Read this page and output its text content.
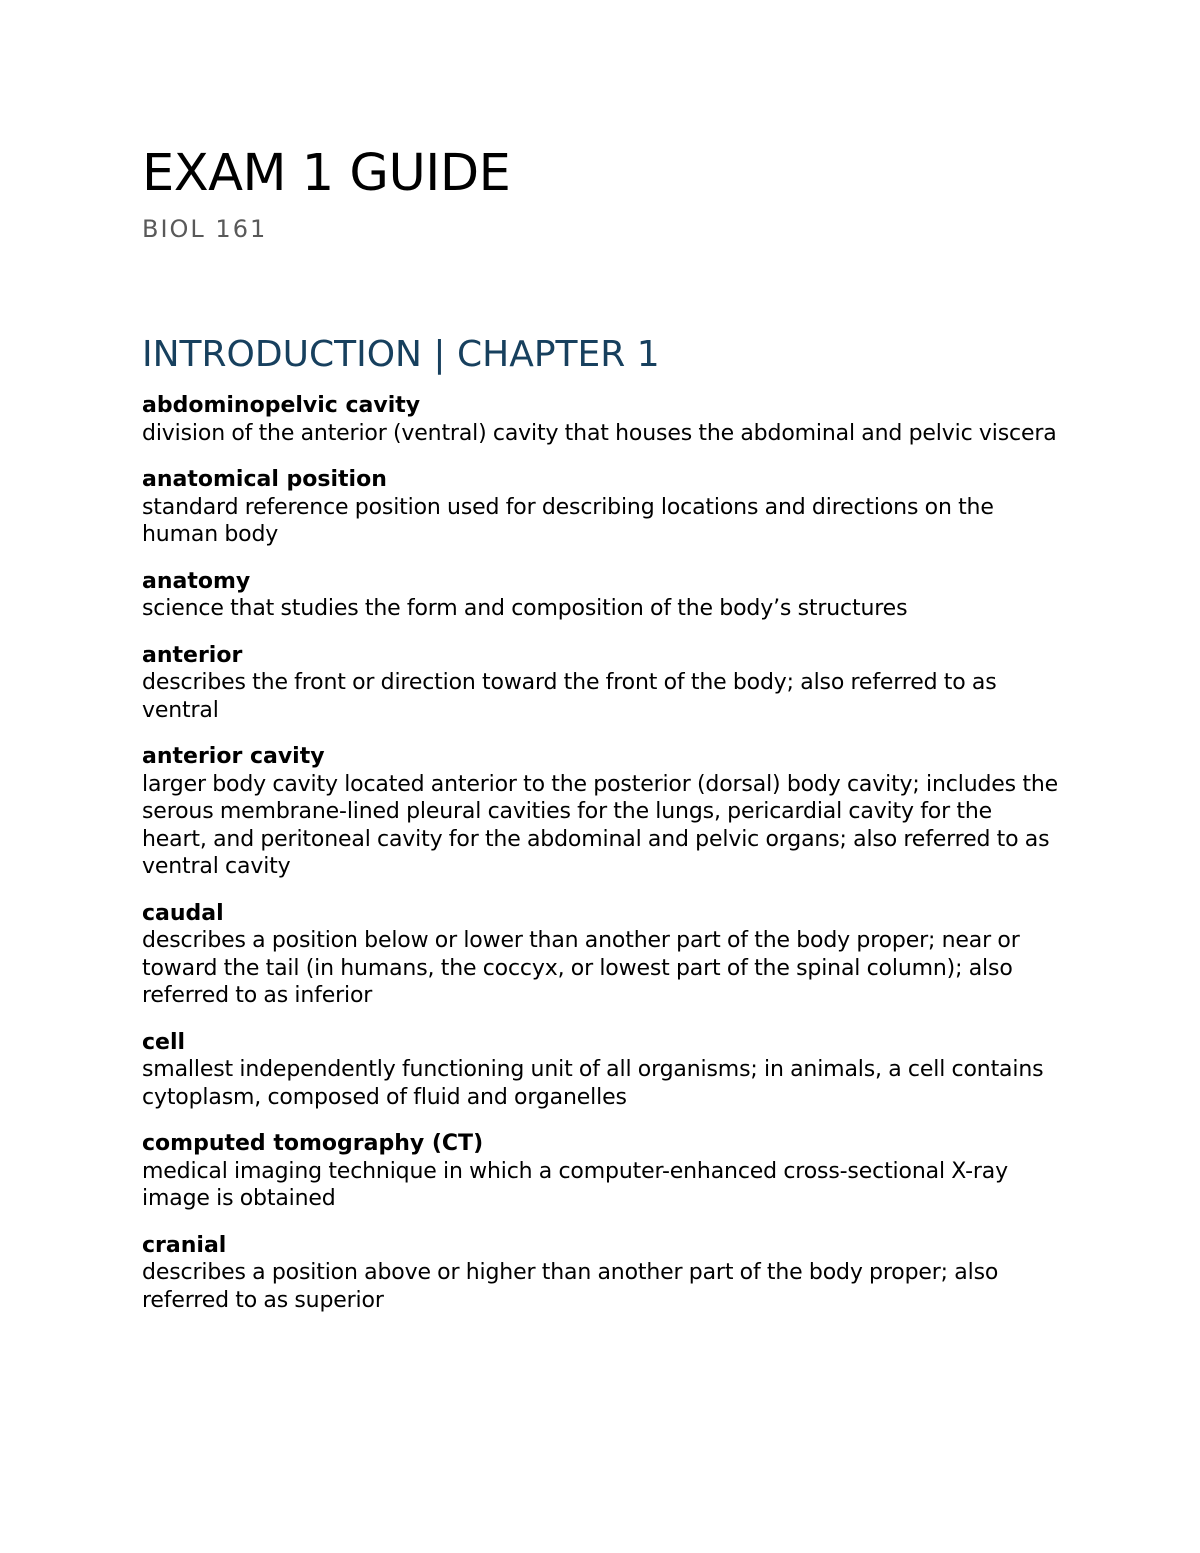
EXAM 1 GUIDE
BIOL 161
INTRODUCTION | CHAPTER 1
abdominopelvic cavity
division of the anterior (ventral) cavity that houses the abdominal and pelvic viscera
anatomical position
standard reference position used for describing locations and directions on the human body
anatomy
science that studies the form and composition of the body’s structures
anterior
describes the front or direction toward the front of the body; also referred to as ventral
anterior cavity
larger body cavity located anterior to the posterior (dorsal) body cavity; includes the serous membrane-lined pleural cavities for the lungs, pericardial cavity for the heart, and peritoneal cavity for the abdominal and pelvic organs; also referred to as ventral cavity
caudal
describes a position below or lower than another part of the body proper; near or toward the tail (in humans, the coccyx, or lowest part of the spinal column); also referred to as inferior
cell
smallest independently functioning unit of all organisms; in animals, a cell contains cytoplasm, composed of fluid and organelles
computed tomography (CT)
medical imaging technique in which a computer-enhanced cross-sectional X-ray image is obtained
cranial
describes a position above or higher than another part of the body proper; also referred to as superior
